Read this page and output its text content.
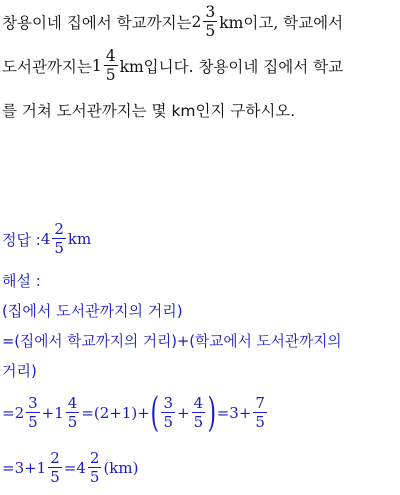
창용이네 집에서 학교까지는 $2 \frac{3}{5}$ km이고, 학교에서
도서관까지는 $1 \frac{4}{5}$ km입니다. 창용이네 집에서 학교
를 거쳐 도서관까지는 몇 km인지 구하시오.
정답 : $4 \frac{2}{5}$ km
해설 :
(집에서 도서관까지의 거리)
=(집에서 학교까지의 거리)+(학교에서 도서관까지의
거리)
$=2 \frac{3}{5} +1 \frac{4}{5} =(2+1)+$ ( $\frac{3}{5} + \frac{4}{5}$ ) $=3+ \frac{7}{5}$
$=3+1 \frac{2}{5} =4 \frac{2}{5} (km)$
